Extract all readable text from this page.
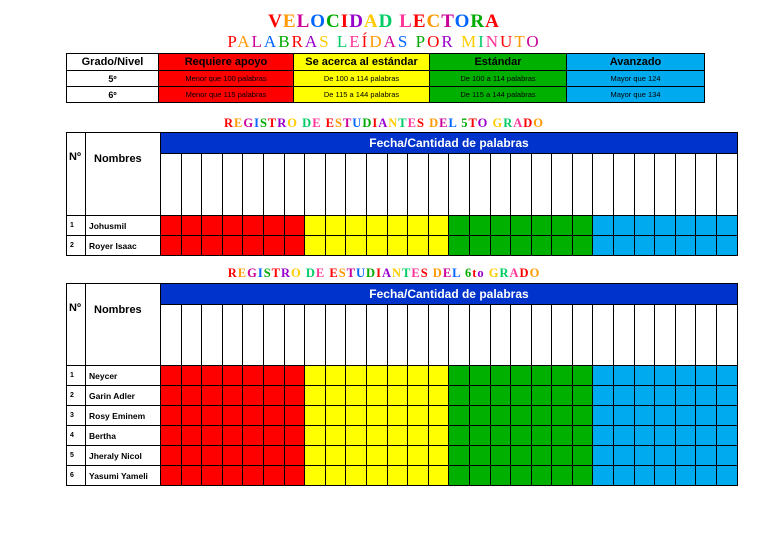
VELOCIDAD LECTORA
PALABRAS LEÍDAS POR MINUTO
Grado/Nivel	Requiere apoyo	Se acerca al estándar	Estándar	Avanzado
5º	Menor que 100 palabras	De 100 a 114 palabras	De 100 a 114 palabras	Mayor que 124
6º	Menor que 115 palabras	De 115 a 144 palabras	De 115 a 144 palabras	Mayor que 134
REGISTRO DE ESTUDIANTES DEL 5TO GRADO
Nº	Nombres	Fecha/Cantidad de palabras																											

1	Johusmil																												
2	Royer Isaac																												
REGISTRO DE ESTUDIANTES DEL 6to GRADO
Nº	Nombres	Fecha/Cantidad de palabras																											

1	Neycer																												
2	Garin Adler																												
3	Rosy Eminem																												
4	Bertha																												
5	Jheraly Nicol																												
6	Yasumi Yameli																												
